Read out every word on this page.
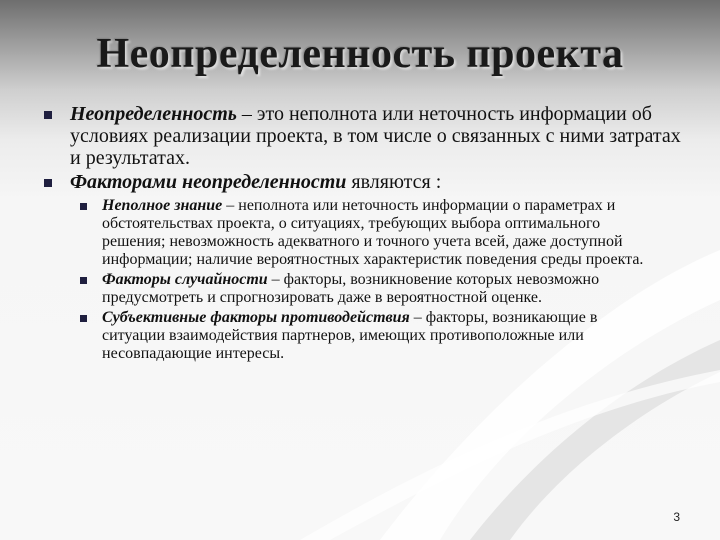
Неопределенность проекта
Неопределенность – это неполнота или неточность информации об условиях реализации проекта, в том числе о связанных с ними затратах и результатах.
Факторами неопределенности являются :
Неполное знание – неполнота или неточность информации о параметрах и обстоятельствах проекта, о ситуациях, требующих выбора оптимального решения; невозможность адекватного и точного учета всей, даже доступной информации; наличие вероятностных характеристик поведения среды проекта.
Факторы случайности – факторы, возникновение которых невозможно предусмотреть и спрогнозировать даже в вероятностной оценке.
Субъективные факторы противодействия – факторы, возникающие в ситуации взаимодействия партнеров, имеющих противоположные или несовпадающие интересы.
3
